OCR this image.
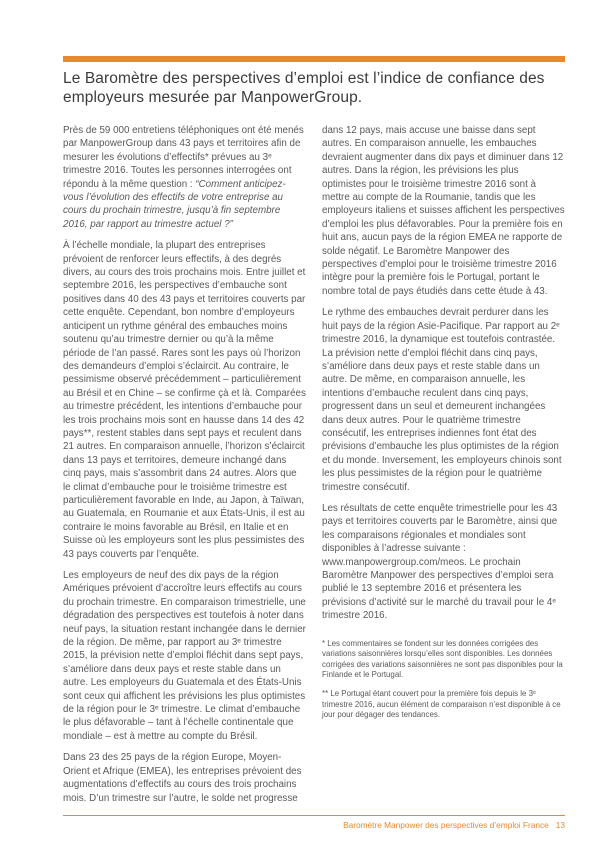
Le Baromètre des perspectives d’emploi est l’indice de confiance des employeurs mesurée par ManpowerGroup.

Près de 59 000 entretiens téléphoniques ont été menés par ManpowerGroup dans 43 pays et territoires afin de mesurer les évolutions d’effectifs* prévues au 3ᵉ trimestre 2016. Toutes les personnes interrogées ont répondu à la même question : “Comment anticipez-vous l’évolution des effectifs de votre entreprise au cours du prochain trimestre, jusqu’à fin septembre 2016, par rapport au trimestre actuel ?”

À l’échelle mondiale, la plupart des entreprises prévoient de renforcer leurs effectifs, à des degrés divers, au cours des trois prochains mois. Entre juillet et septembre 2016, les perspectives d’embauche sont positives dans 40 des 43 pays et territoires couverts par cette enquête. Cependant, bon nombre d’employeurs anticipent un rythme général des embauches moins soutenu qu’au trimestre dernier ou qu’à la même période de l’an passé. Rares sont les pays où l’horizon des demandeurs d’emploi s’éclaircit. Au contraire, le pessimisme observé précédemment – particulièrement au Brésil et en Chine – se confirme çà et là. Comparées au trimestre précédent, les intentions d’embauche pour les trois prochains mois sont en hausse dans 14 des 42 pays**, restent stables dans sept pays et reculent dans 21 autres. En comparaison annuelle, l’horizon s’éclaircit dans 13 pays et territoires, demeure inchangé dans cinq pays, mais s’assombrit dans 24 autres. Alors que le climat d’embauche pour le troisième trimestre est particulièrement favorable en Inde, au Japon, à Taïwan, au Guatemala, en Roumanie et aux États-Unis, il est au contraire le moins favorable au Brésil, en Italie et en Suisse où les employeurs sont les plus pessimistes des 43 pays couverts par l’enquête.

Les employeurs de neuf des dix pays de la région Amériques prévoient d’accroître leurs effectifs au cours du prochain trimestre. En comparaison trimestrielle, une dégradation des perspectives est toutefois à noter dans neuf pays, la situation restant inchangée dans le dernier de la région. De même, par rapport au 3ᵉ trimestre 2015, la prévision nette d’emploi fléchit dans sept pays, s’améliore dans deux pays et reste stable dans un autre. Les employeurs du Guatemala et des États-Unis sont ceux qui affichent les prévisions les plus optimistes de la région pour le 3ᵉ trimestre. Le climat d’embauche le plus défavorable – tant à l’échelle continentale que mondiale – est à mettre au compte du Brésil.

Dans 23 des 25 pays de la région Europe, Moyen-Orient et Afrique (EMEA), les entreprises prévoient des augmentations d’effectifs au cours des trois prochains mois. D’un trimestre sur l’autre, le solde net progresse

dans 12 pays, mais accuse une baisse dans sept autres. En comparaison annuelle, les embauches devraient augmenter dans dix pays et diminuer dans 12 autres. Dans la région, les prévisions les plus optimistes pour le troisième trimestre 2016 sont à mettre au compte de la Roumanie, tandis que les employeurs italiens et suisses affichent les perspectives d’emploi les plus défavorables. Pour la première fois en huit ans, aucun pays de la région EMEA ne rapporte de solde négatif. Le Baromètre Manpower des perspectives d’emploi pour le troisième trimestre 2016 intègre pour la première fois le Portugal, portant le nombre total de pays étudiés dans cette étude à 43.

Le rythme des embauches devrait perdurer dans les huit pays de la région Asie-Pacifique. Par rapport au 2ᵉ trimestre 2016, la dynamique est toutefois contrastée. La prévision nette d’emploi fléchit dans cinq pays, s’améliore dans deux pays et reste stable dans un autre. De même, en comparaison annuelle, les intentions d’embauche reculent dans cinq pays, progressent dans un seul et demeurent inchangées dans deux autres. Pour le quatrième trimestre consécutif, les entreprises indiennes font état des prévisions d’embauche les plus optimistes de la région et du monde. Inversement, les employeurs chinois sont les plus pessimistes de la région pour le quatrième trimestre consécutif.

Les résultats de cette enquête trimestrielle pour les 43 pays et territoires couverts par le Baromètre, ainsi que les comparaisons régionales et mondiales sont disponibles à l’adresse suivante : www.manpowergroup.com/meos. Le prochain Baromètre Manpower des perspectives d’emploi sera publié le 13 septembre 2016 et présentera les prévisions d’activité sur le marché du travail pour le 4ᵉ trimestre 2016.

* Les commentaires se fondent sur les données corrigées des variations saisonnières lorsqu’elles sont disponibles. Les données corrigées des variations saisonnières ne sont pas disponibles pour la Finlande et le Portugal.

** Le Portugal étant couvert pour la première fois depuis le 3ᵉ trimestre 2016, aucun élément de comparaison n’est disponible à ce jour pour dégager des tendances.

Baromètre Manpower des perspectives d’emploi France 13
